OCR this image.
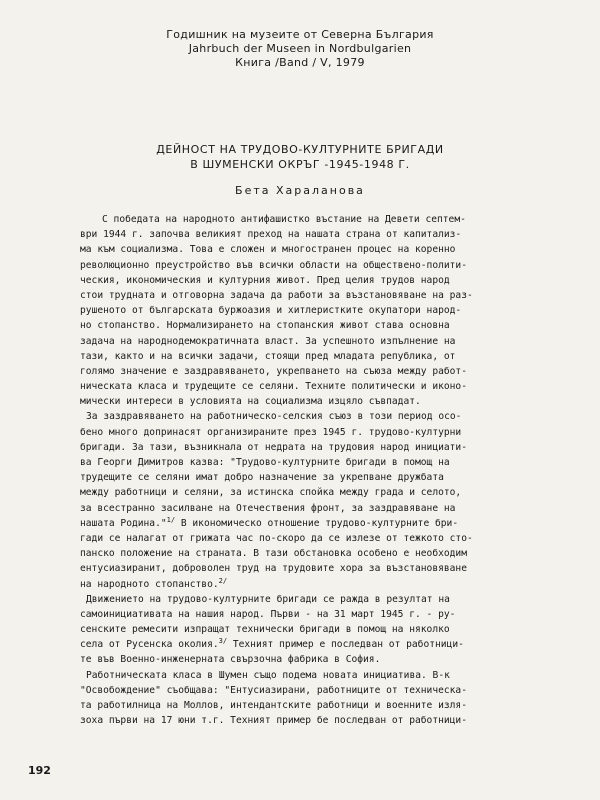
Годишник на музеите от Северна България
Jahrbuch der Museen in Nordbulgarien
Книга /Band / V, 1979
ДЕЙНОСТ НА ТРУДОВО-КУЛТУРНИТЕ БРИГАДИ
В ШУМЕНСКИ ОКРЪГ -1945-1948 Г.
Бета Хараланова
С победата на народното антифашистко въстание на Девети септем-
ври 1944 г. започва великият преход на нашата страна от капитализ-
ма към социализма. Това е сложен и многостранен процес на коренно
революционно преустройство във всички области на обществено-полити-
ческия, икономическия и културния живот. Пред целия трудов народ
стои трудната и отговорна задача да работи за възстановяване на раз-
рушеното от българската буржоазия и хитлеристките окупатори народ-
но стопанство. Нормализирането на стопанския живот става основна
задача на народнодемократичната власт. За успешното изпълнение на
тази, както и на всички задачи, стоящи пред младата република, от
голямо значение е заздравяването, укрепването на съюза между работ-
ническата класа и трудещите се селяни. Техните политически и иконо-
мически интереси в условията на социализма изцяло съвпадат.
За заздравяването на работническо-селския съюз в този период осо-
бено много допринасят организираните през 1945 г. трудово-културни
бригади. За тази, възникнала от недрата на трудовия народ инициати-
ва Георги Димитров казва: "Трудово-културните бригади в помощ на
трудещите се селяни имат добро назначение за укрепване дружбата
между работници и селяни, за истинска спойка между града и селото,
за всестранно засилване на Отечествения фронт, за заздравяване на
нашата Родина."$^{1/}$ В икономическо отношение трудово-културните бри-
гади се налагат от грижата час по-скоро да се излезе от тежкото сто-
панско положение на страната. В тази обстановка особено е необходим
ентусиазиранит, доброволен труд на трудовите хора за възстановяване
на народното стопанство.$^{2/}$
Движението на трудово-културните бригади се ражда в резултат на
самоинициативата на нашия народ. Първи - на 31 март 1945 г. - ру-
сенските ремесити изпращат технически бригади в помощ на няколко
села от Русенска околия.$^{3/}$ Техният пример е последван от работници-
те във Военно-инженерната свързочна фабрика в София.
Работническата класа в Шумен също подема новата инициатива. В-к
"Освобождение" съобщава: "Ентусиазирани, работниците от техническа-
та работилница на Моллов, интендантските работници и военните изля-
зоха първи на 17 юни т.г. Техният пример бе последван от работници-
192
